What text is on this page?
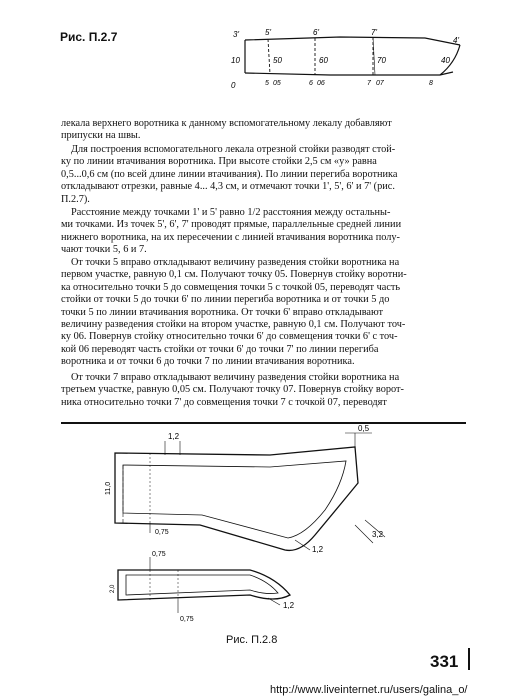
Рис. П.2.7	3'	5'	6'	7'
4'
10	50	60	70	40
0	5 05	6 06	7 07	8
лекала верхнего воротника к данному вспомогательному лекалу добавляют
припуски на швы.
Для построения вспомогательного лекала отрезной стойки разводят стой-
ку по линии втачивания воротника. При высоте стойки 2,5 см «у» равна
0,5...0,6 см (по всей длине линии втачивания). По линии перегиба воротника
откладывают отрезки, равные 4... 4,3 см, и отмечают точки 1', 5', 6' и 7' (рис.
П.2.7).
Расстояние между точками 1' и 5' равно 1/2 расстояния между остальны-
ми точками. Из точек 5', 6', 7' проводят прямые, параллельные средней линии
нижнего воротника, на их пересечении с линией втачивания воротника полу-
чают точки 5, 6 и 7.
От точки 5 вправо откладывают величину разведения стойки воротника на
первом участке, равную 0,1 см. Получают точку 05. Повернув стойку воротни-
ка относительно точки 5 до совмещения точки 5 с точкой 05, переводят часть
стойки от точки 5 до точки 6' по линии перегиба воротника и от точки 5 до
точки 5 по линии втачивания воротника. От точки 6' вправо откладывают
величину разведения стойки на втором участке, равную 0,1 см. Получают точ-
ку 06. Повернув стойку относительно точки 6' до совмещения точки 6' с точ-
кой 06 переводят часть стойки от точки 6' до точки 7' по линии перегиба
воротника и от точки 6 до точки 7 по линии втачивания воротника.
От точки 7 вправо откладывают величину разведения стойки воротника на
третьем участке, равную 0,05 см. Получают точку 07. Повернув стойку ворот-
ника относительно точки 7' до совмещения точки 7 с точкой 07, переводят
1,2
0,5
11,0
0,75
1,2
3,2
0,75
2,0
1,2
0,75
Рис. П.2.8
331
http://www.liveinternet.ru/users/galina_o/
